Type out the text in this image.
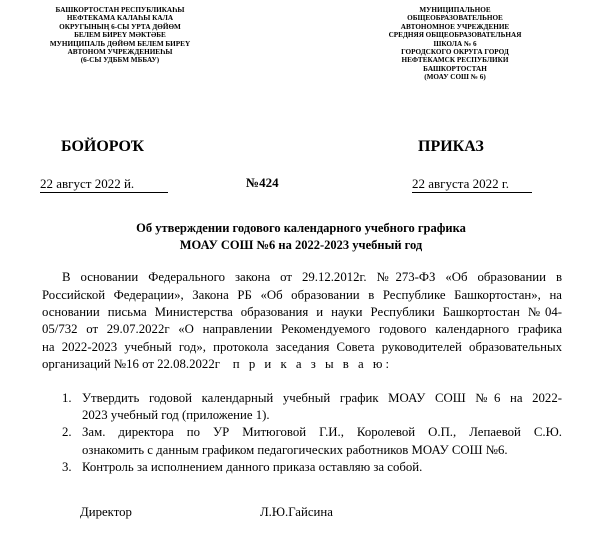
БАШКОРТОСТАН РЕСПУБЛИКАҺЫ
НЕФТЕКАМА КАЛАҺЫ КАЛА
ОКРУГЫНЫҢ 6-СЫ УРТА ДӨЙӨМ
БЕЛЕМ БИРЕҮ МӘКТӘБЕ
МУНИЦИПАЛЬ ДӨЙӨМ БЕЛЕМ БИРЕҮ
АВТОНОМ УЧРЕЖДЕНИЕҺЫ
(6-СЫ УДББМ МББАУ)
МУНИЦИПАЛЬНОЕ
ОБЩЕОБРАЗОВАТЕЛЬНОЕ
АВТОНОМНОЕ УЧРЕЖДЕНИЕ
СРЕДНЯЯ ОБЩЕОБРАЗОВАТЕЛЬНАЯ
ШКОЛА № 6
ГОРОДСКОГО ОКРУГА ГОРОД
НЕФТЕКАМСК РЕСПУБЛИКИ
БАШКОРТОСТАН
(МОАУ СОШ № 6)
БОЙОРОҠ	ПРИКАЗ
22 август 2022 й.	№424	22 августа 2022 г.
Об утверждении годового календарного учебного графика
МОАУ СОШ №6 на 2022-2023 учебный год
В основании Федерального закона от 29.12.2012г. №273-ФЗ «Об образовании в
Российской Федерации», Закона РБ «Об образовании в Республике Башкортостан», на
основании письма Министерства образования и науки Республики Башкортостан №04-
05/732 от 29.07.2022г «О направлении Рекомендуемого годового календарного графика
на 2022-2023 учебный год», протокола заседания Совета руководителей образовательных
организаций №16 от 22.08.2022г п р и к а з ы в а ю:
1. Утвердить годовой календарный учебный график МОАУ СОШ №6 на 2022-
2023 учебный год (приложение 1).
2. Зам. директора по УР Митюговой Г.И., Королевой О.П., Лепаевой С.Ю.
ознакомить с данным графиком педагогических работников МОАУ СОШ №6.
3. Контроль за исполнением данного приказа оставляю за собой.
Директор	Л.Ю.Гайсина
